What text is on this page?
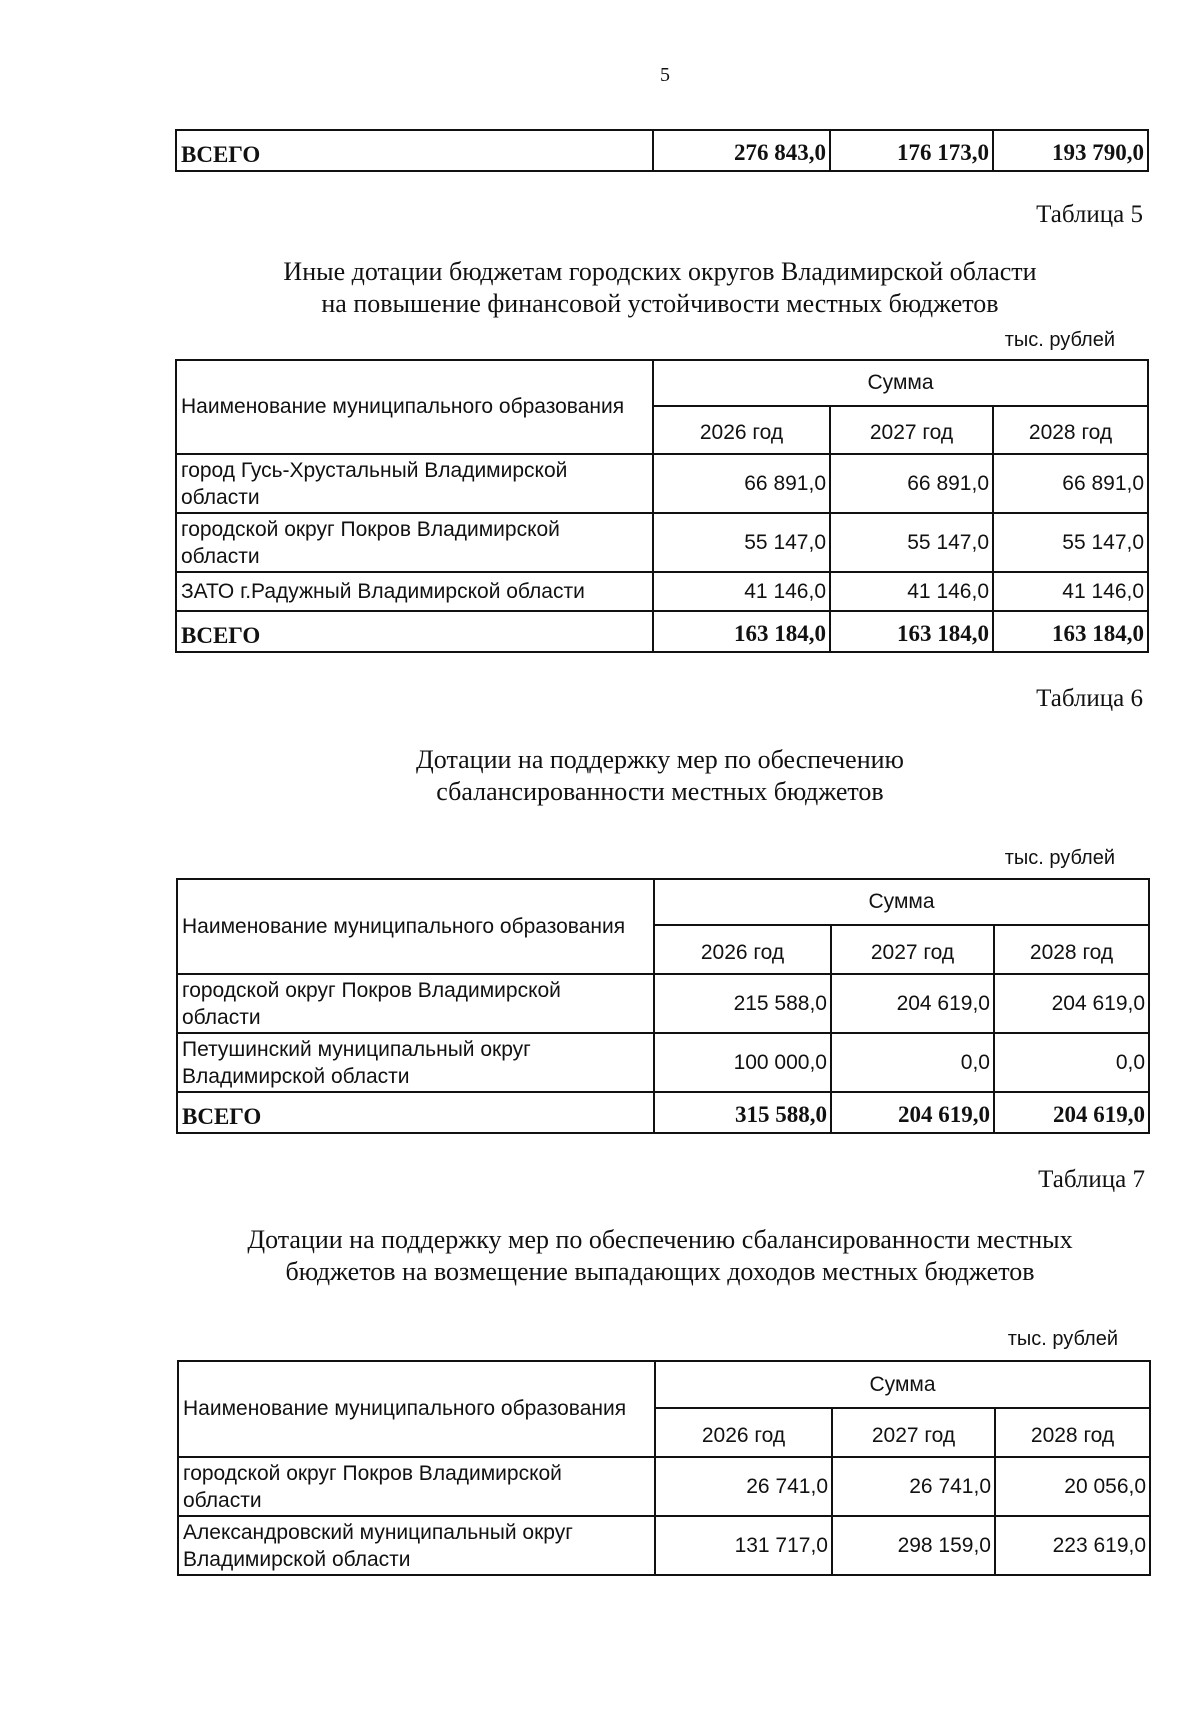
5
ВСЕГО	276 843,0	176 173,0	193 790,0
Таблица 5
Иные дотации бюджетам городских округов Владимирской области
на повышение финансовой устойчивости местных бюджетов
тыс. рублей
Наименование муниципального образования	Сумма		
	2026 год	2027 год	2028 год
город Гусь-Хрустальный Владимирской
области	66 891,0	66 891,0	66 891,0
городской округ Покров Владимирской
области	55 147,0	55 147,0	55 147,0
ЗАТО г.Радужный Владимирской области	41 146,0	41 146,0	41 146,0
ВСЕГО	163 184,0	163 184,0	163 184,0
Таблица 6
Дотации на поддержку мер по обеспечению
сбалансированности местных бюджетов
тыс. рублей
Наименование муниципального образования	Сумма		
	2026 год	2027 год	2028 год
городской округ Покров Владимирской
области	215 588,0	204 619,0	204 619,0
Петушинский муниципальный округ
Владимирской области	100 000,0	0,0	0,0
ВСЕГО	315 588,0	204 619,0	204 619,0
Таблица 7
Дотации на поддержку мер по обеспечению сбалансированности местных
бюджетов на возмещение выпадающих доходов местных бюджетов
тыс. рублей
Наименование муниципального образования	Сумма		
	2026 год	2027 год	2028 год
городской округ Покров Владимирской
области	26 741,0	26 741,0	20 056,0
Александровский муниципальный округ
Владимирской области	131 717,0	298 159,0	223 619,0
